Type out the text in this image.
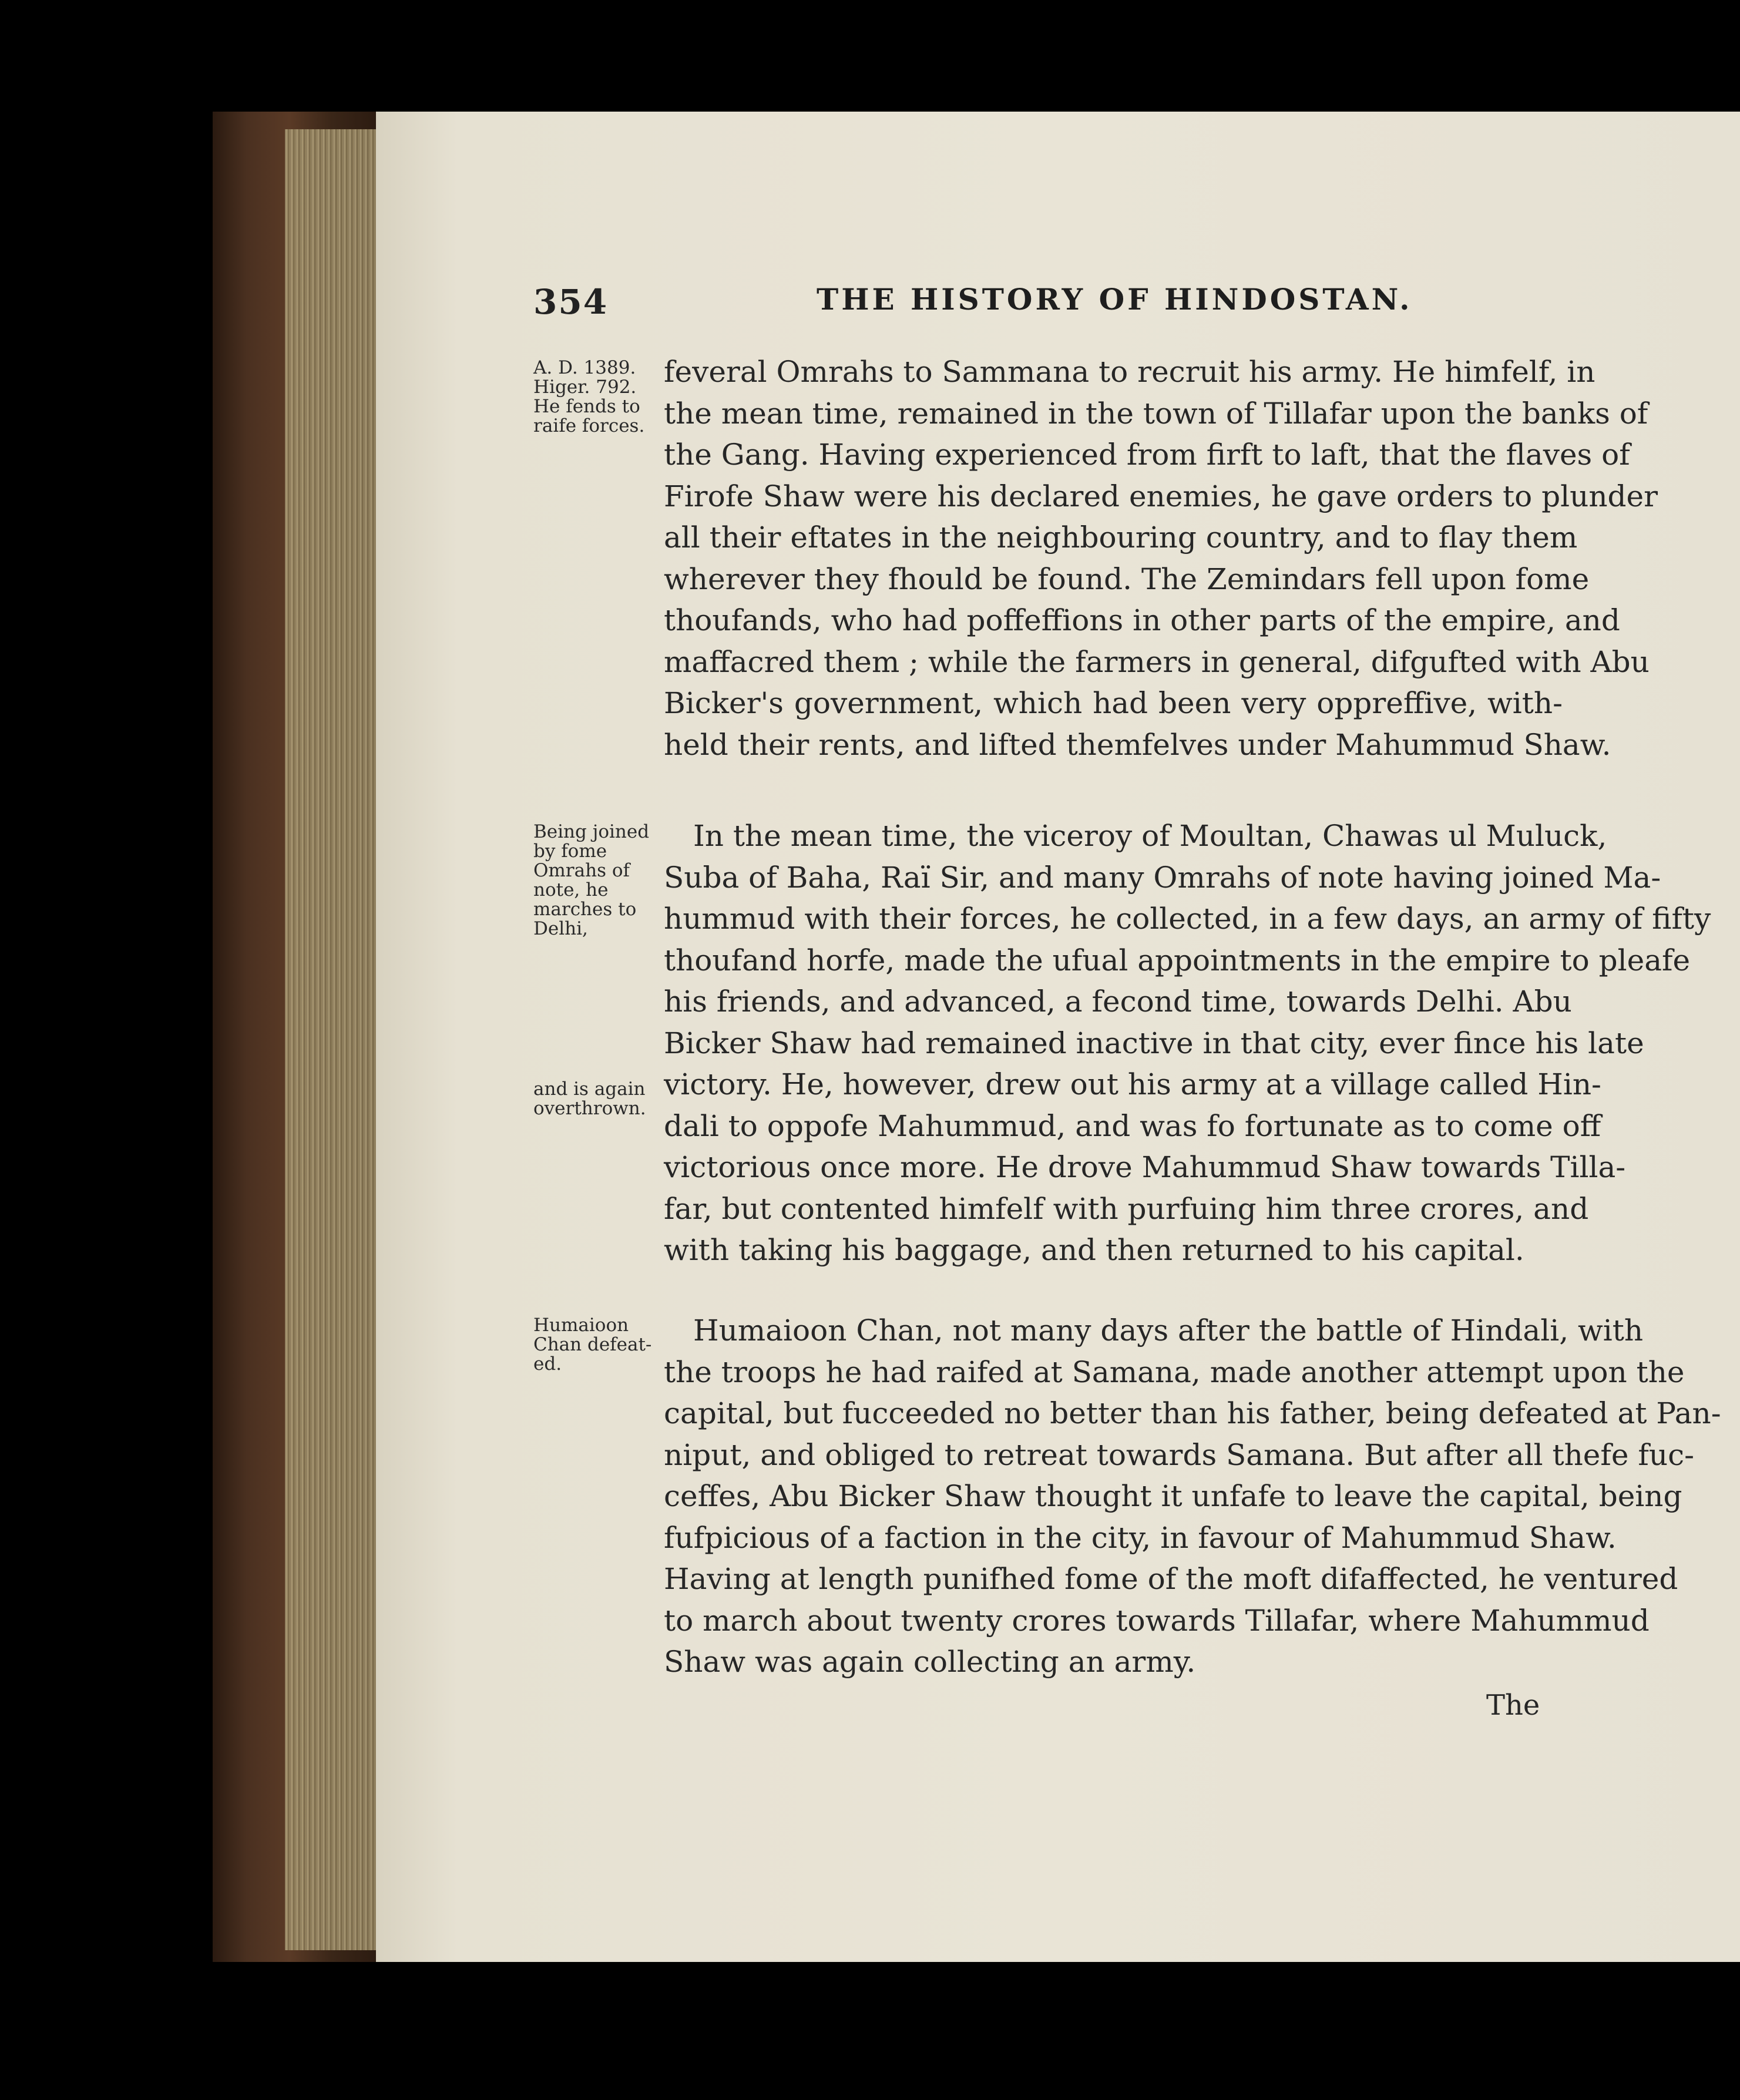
354	THE HISTORY OF HINDOSTAN.
A. D. 1389.
Higer. 792.
He fends to
raife forces.
feveral Omrahs to Sammana to recruit his army. He himfelf, in
the mean time, remained in the town of Tillafar upon the banks of
the Gang. Having experienced from firft to laft, that the flaves of
Firofe Shaw were his declared enemies, he gave orders to plunder
all their eftates in the neighbouring country, and to flay them
wherever they fhould be found. The Zemindars fell upon fome
thoufands, who had poffeffions in other parts of the empire, and
maffacred them ; while the farmers in general, difgufted with Abu
Bicker's government, which had been very oppreffive, with-
held their rents, and lifted themfelves under Mahummud Shaw.
Being joined
by fome
Omrahs of
note, he
marches to
Delhi,
In the mean time, the viceroy of Moultan, Chawas ul Muluck,
Suba of Baha, Raï Sir, and many Omrahs of note having joined Ma-
hummud with their forces, he collected, in a few days, an army of fifty
thoufand horfe, made the ufual appointments in the empire to pleafe
his friends, and advanced, a fecond time, towards Delhi. Abu
Bicker Shaw had remained inactive in that city, ever fince his late
victory. He, however, drew out his army at a village called Hin-
dali to oppofe Mahummud, and was fo fortunate as to come off
victorious once more. He drove Mahummud Shaw towards Tilla-
far, but contented himfelf with purfuing him three crores, and
with taking his baggage, and then returned to his capital.
and is again
overthrown.
Humaioon
Chan defeat-
ed.
Humaioon Chan, not many days after the battle of Hindali, with
the troops he had raifed at Samana, made another attempt upon the
capital, but fucceeded no better than his father, being defeated at Pan-
niput, and obliged to retreat towards Samana. But after all thefe fuc-
ceffes, Abu Bicker Shaw thought it unfafe to leave the capital, being
fufpicious of a faction in the city, in favour of Mahummud Shaw.
Having at length punifhed fome of the moft difaffected, he ventured
to march about twenty crores towards Tillafar, where Mahummud
Shaw was again collecting an army.
The
